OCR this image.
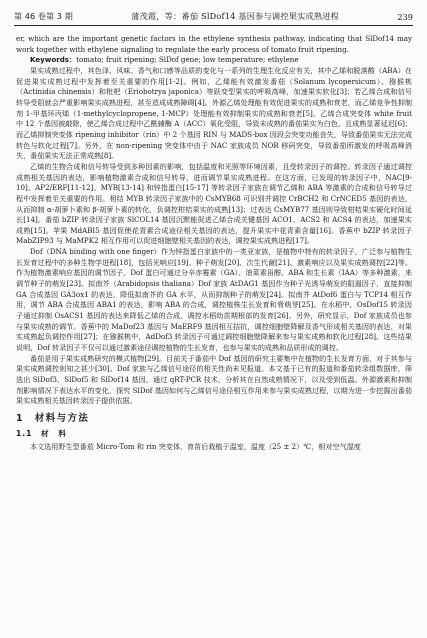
第 46 卷第 3 期	蒲茂霞，等：番茄 SlDof14 基因参与调控果实成熟进程	239

er, which are the important genetic factors in the ethylene synthesis pathway, indicating that SlDof14 may work together with ethylene signaling to regulate the early process of tomato fruit ripening.

Keywords：tomato; fruit ripening; SlDof gene; low temperature; ethylene

果实成熟过程中，其色泽、风味、香气和口感等品质的变化与一系列的生理生化反应有关，其中乙烯和脱落酸（ABA）在促进果实成熟过程中发挥着至关重要的作用[1-2]。例如，乙烯能有效激发番茄（Solanum lycopersicum）、猕猴桃（Actinidia chinensis）和枇杷（Eriobotrya japonica）等跃变型果实的呼吸高峰，加速果实软化[3]；若乙烯合成和信号转导受阻就会严重影响果实成熟进程，甚至造成成熟障碍[4]。外源乙烯处理能有效促进果实的成熟和衰老，而乙烯竞争性抑制剂 1-甲基环丙烯（1-methylcyclopropene, 1-MCP）处理能有效抑制果实的成熟和衰老[5]。乙烯合成突变体 white fruit 中 12 个基因被敲除，使乙烯合成过程中乙酰辅酶 A（ACC）氧化受阻，导致未成熟的番茄果实为白色，且成熟显著延迟[6]；而乙烯抑制突变体 ripening inhibitor（rin）中 2 个基因 RIN 与 MADS-box 因段会突变功能丧失，导致番茄果实无法完成转色与软化过程[7]。另外，在 non-ripening 突变体中由于 NAC 家族成员 NOR 移码突变，导致番茄所激发的呼吸高峰消失，番茄果实无法正常成熟[8]。

乙烯的生物合成和信号转导受到多种因素的影响，包括温度和光照等环境因素，且受转录因子的调控。转录因子通过调控成熟相关基因的表达，影响植物激素合成和信号转导，进而调节果实成熟进程。在这方面，已发现的转录因子中，NAC[9-10]、AP2/ERF[11-12]、MYB[13-14] 和锌指蛋白[15-17] 等转录因子家族在调节乙烯和 ABA 等激素的合成和信号转导过程中发挥着至关重要的作用。相结 MYB 转录因子家族中的 CsMYB68 可识别并调控 CrBCH2 和 CrNCED5 基因的表达，从而抑制 α-胡萝卜素和 β-胡萝卜素的转化，负调控柑桔果实的成熟[13]；过表达 CsMYB77 基因则导致柑桔果实硬化时间延长[14]。番茄 bZIP 转录因子家族 SlCOL14 基因沉默能促进乙烯合成关键基因 ACO1、ACS2 和 ACS4 的表达，加速果实成熟[15]。苹果 MdABI5 基因促使花青素合成途径相关基因的表达，提升果实中花青素含量[16]。香蕉中 bZIP 转录因子 MabZIP93 与 MaMPK2 相互作用可以促进细胞壁相关基因的表达，调控果实成熟进程[17]。

Dof（DNA binding with one finger）作为锌指蛋白家族中的一类亚家族，是植物中特有的转录因子，广泛参与植物生长发育过程中的多种生物学进程[18]，包括光响应[19]、种子萌发[20]、次生代谢[21]、激素响应以及果实成熟调控[22]等。作为植物激素响应基因的调节因子，Dof 蛋白可通过分辛赤霉素（GA）、油菜素甾醇、ABA 和生长素（IAA）等多种激素，来调节种子的萌发[23]。拟南芥（Arabidopsis thaliana）Dof 家族 AtDAG1 基因作为种子光诱导萌发的阻遏因子，直接抑制 GA 合成基因 GA3ox1 的表达，降低拟南芥的 GA 水平，从而抑制种子的萌发[24]。拟南芥 AtDof6 蛋白与 TCP14 相互作用，调节 ABA 合成基因 ABA1 的表达，影响 ABA 的合成，调控植株生长发育和脅萌芽[25]。在水稻中，OsDof15 转录因子通过抑制 OsACS1 基因的表达来降低乙烯的合成，调控水稻幼苗期根部的发育[26]。另外，研究显示，Dof 家族成员也参与果实成熟的调节。香蕉中的 MaDof23 基因与 MaERF9 基因相互拮抗，调控细胞壁降解及香气形成相关基因的表达，对果实成熟起负调控作用[27]；在猕猴桃中，AdDof3 转录因子可通过调控细胞壁降解来参与果实成熟和软化过程[28]。这些结果说明，Dof 转录因子不仅可以通过激素途径调控植物的生长发育，也参与果实的成熟和品质形成的调控。

番茄是用于果实成熟研究的模式植物[29]。目前关于番茄中 Dof 基因的研究主要集中在植物的生长发育方面，对于其参与果实成熟调控则知之甚少[30]。Dof 家族与乙烯信号途径的相关性尚未见报道。本文基于已有的报道和番茄转录组数据库，筛选出 SlDof3、SlDof5 和 SlDof14 基因，通过 qRT-PCR 技术，分析其在自然成熟情况下，以及受到低温、外源激素和抑制剂影响情况下表达水平的变化，探究 SlDof 基因如何与乙烯信号途径相互作用来参与果实成熟过程，以期为进一步挖掘出番茄果实成熟相关基因转录因子提供依据。

1　材料与方法
1.1　材　料

本文选用野生型番茄 Micro-Tom 和 rin 突变体，育苗后栽植于温室，温度（25 ± 2）℃，相对空气湿度
